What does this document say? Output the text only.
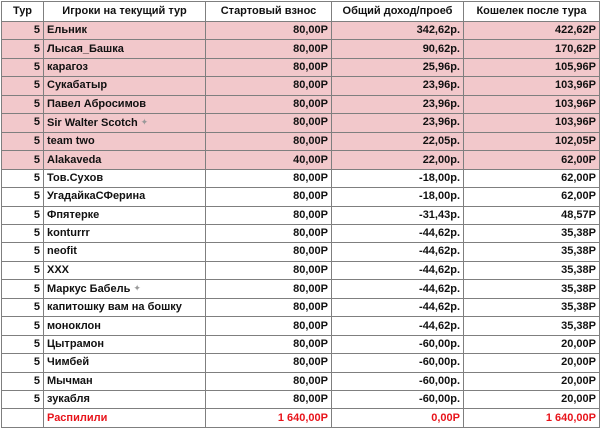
Тур	Игроки на текущий тур	Стартовый взнос	Общий доход/проеб	Кошелек после тура
5	Ельник	80,00Р	342,62р.	422,62Р
5	Лысая_Башка	80,00Р	90,62р.	170,62Р
5	карагоз	80,00Р	25,96р.	105,96Р
5	Сукабатыр	80,00Р	23,96р.	103,96Р
5	Павел Абросимов	80,00Р	23,96р.	103,96Р
5	Sir Walter Scotch ✦	80,00Р	23,96р.	103,96Р
5	team two	80,00Р	22,05р.	102,05Р
5	Alakaveda	40,00Р	22,00р.	62,00Р
5	Тов.Сухов	80,00Р	-18,00р.	62,00Р
5	УгадайкаСФерина	80,00Р	-18,00р.	62,00Р
5	Фпятерке	80,00Р	-31,43р.	48,57Р
5	konturrr	80,00Р	-44,62р.	35,38Р
5	neofit	80,00Р	-44,62р.	35,38Р
5	XXX	80,00Р	-44,62р.	35,38Р
5	Маркус Бабель ✦	80,00Р	-44,62р.	35,38Р
5	капитошку вам на бошку	80,00Р	-44,62р.	35,38Р
5	моноклон	80,00Р	-44,62р.	35,38Р
5	Цытрамон	80,00Р	-60,00р.	20,00Р
5	Чимбей	80,00Р	-60,00р.	20,00Р
5	Мычман	80,00Р	-60,00р.	20,00Р
5	зукабля	80,00Р	-60,00р.	20,00Р
	Распилили	1 640,00Р	0,00Р	1 640,00Р
